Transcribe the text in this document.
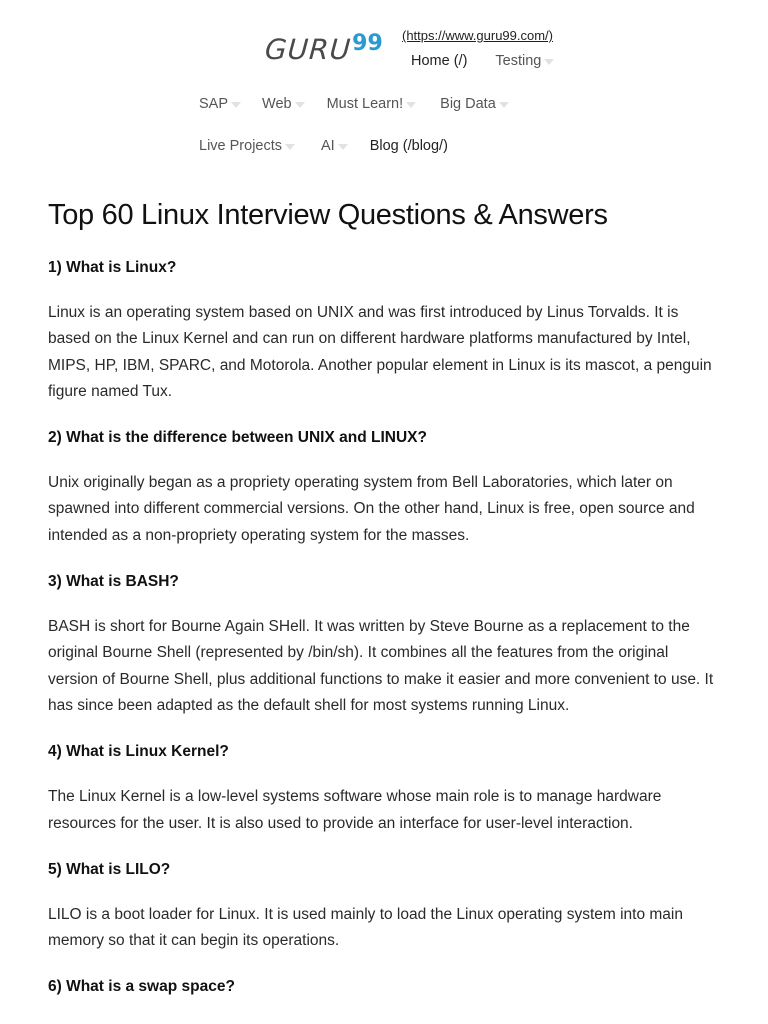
GURU 99 (https://www.guru99.com/)
Home (/) Testing
SAP Web Must Learn!	Big Data
Live Projects	AI Blog (/blog/)
Top 60 Linux Interview Questions & Answers
1) What is Linux?

Linux is an operating system based on UNIX and was first introduced by Linus Torvalds. It is based on the Linux Kernel and can run on different hardware platforms manufactured by Intel, MIPS, HP, IBM, SPARC, and Motorola. Another popular element in Linux is its mascot, a penguin figure named Tux.

2) What is the difference between UNIX and LINUX?

Unix originally began as a propriety operating system from Bell Laboratories, which later on spawned into different commercial versions. On the other hand, Linux is free, open source and intended as a non-propriety operating system for the masses.

3) What is BASH?

BASH is short for Bourne Again SHell. It was written by Steve Bourne as a replacement to the original Bourne Shell (represented by /bin/sh). It combines all the features from the original version of Bourne Shell, plus additional functions to make it easier and more convenient to use. It has since been adapted as the default shell for most systems running Linux.

4) What is Linux Kernel?

The Linux Kernel is a low-level systems software whose main role is to manage hardware resources for the user. It is also used to provide an interface for user-level interaction.

5) What is LILO?

LILO is a boot loader for Linux. It is used mainly to load the Linux operating system into main memory so that it can begin its operations.

6) What is a swap space?
